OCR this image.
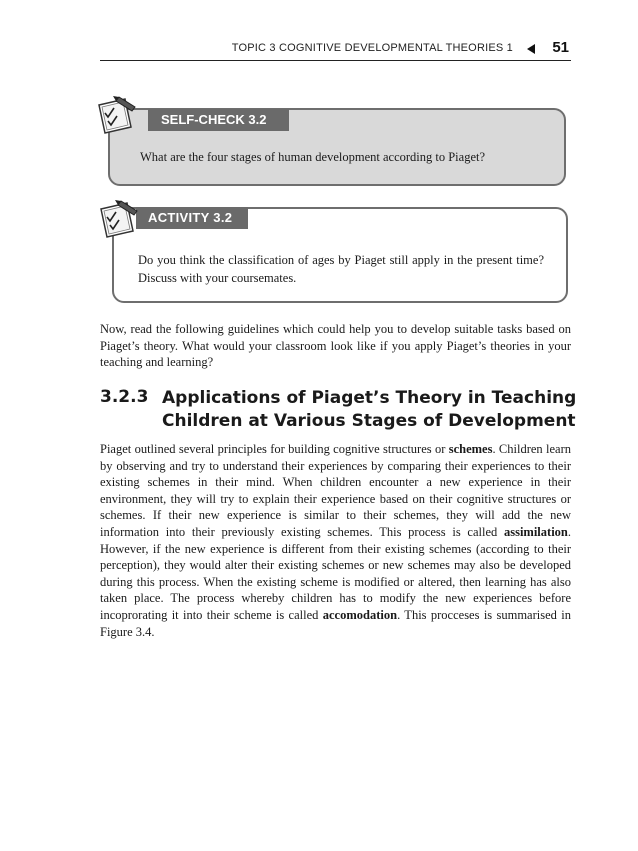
TOPIC 3 COGNITIVE DEVELOPMENTAL THEORIES 1	51
SELF-CHECK 3.2
What are the four stages of human development according to Piaget?
ACTIVITY 3.2
Do you think the classification of ages by Piaget still apply in the present time? Discuss with your coursemates.
Now, read the following guidelines which could help you to develop suitable tasks based on Piaget’s theory. What would your classroom look like if you apply Piaget’s theories in your teaching and learning?
3.2.3 Applications of Piaget’s Theory in Teaching Children at Various Stages of Development
Piaget outlined several principles for building cognitive structures or schemes. Children learn by observing and try to understand their experiences by comparing their experiences to their existing schemes in their mind. When children encounter a new experience in their environment, they will try to explain their experience based on their cognitive structures or schemes. If their new experience is similar to their schemes, they will add the new information into their previously existing schemes. This process is called assimilation. However, if the new experience is different from their existing schemes (according to their perception), they would alter their existing schemes or new schemes may also be developed during this process. When the existing scheme is modified or altered, then learning has also taken place. The process whereby children has to modify the new experiences before incoprorating it into their scheme is called accomodation. This procceses is summarised in Figure 3.4.
